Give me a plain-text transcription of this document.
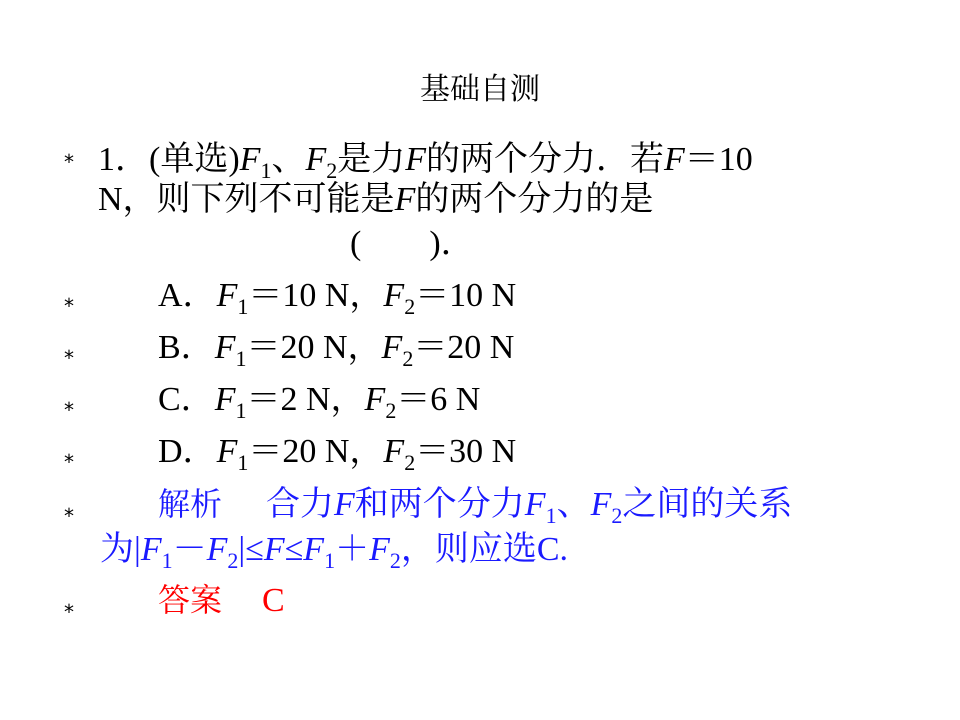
基础自测
* 1．(单选)$F_1$、$F_2$是力F的两个分力．若F＝10
N，则下列不可能是F的两个分力的是
(　　)．
* A．$F_1=10$ N，$F_2=10$ N
* B．$F_1=20$ N，$F_2=20$ N
* C．$F_1=2$ N，$F_2=6$ N
* D．$F_1=20$ N，$F_2=30$ N
*	解析 合力F和两个分力$F_1$、$F_2$之间的关系
为$|F_1-F_2|\le F\le F_1+F_2$，则应选C.
*	答案 C
